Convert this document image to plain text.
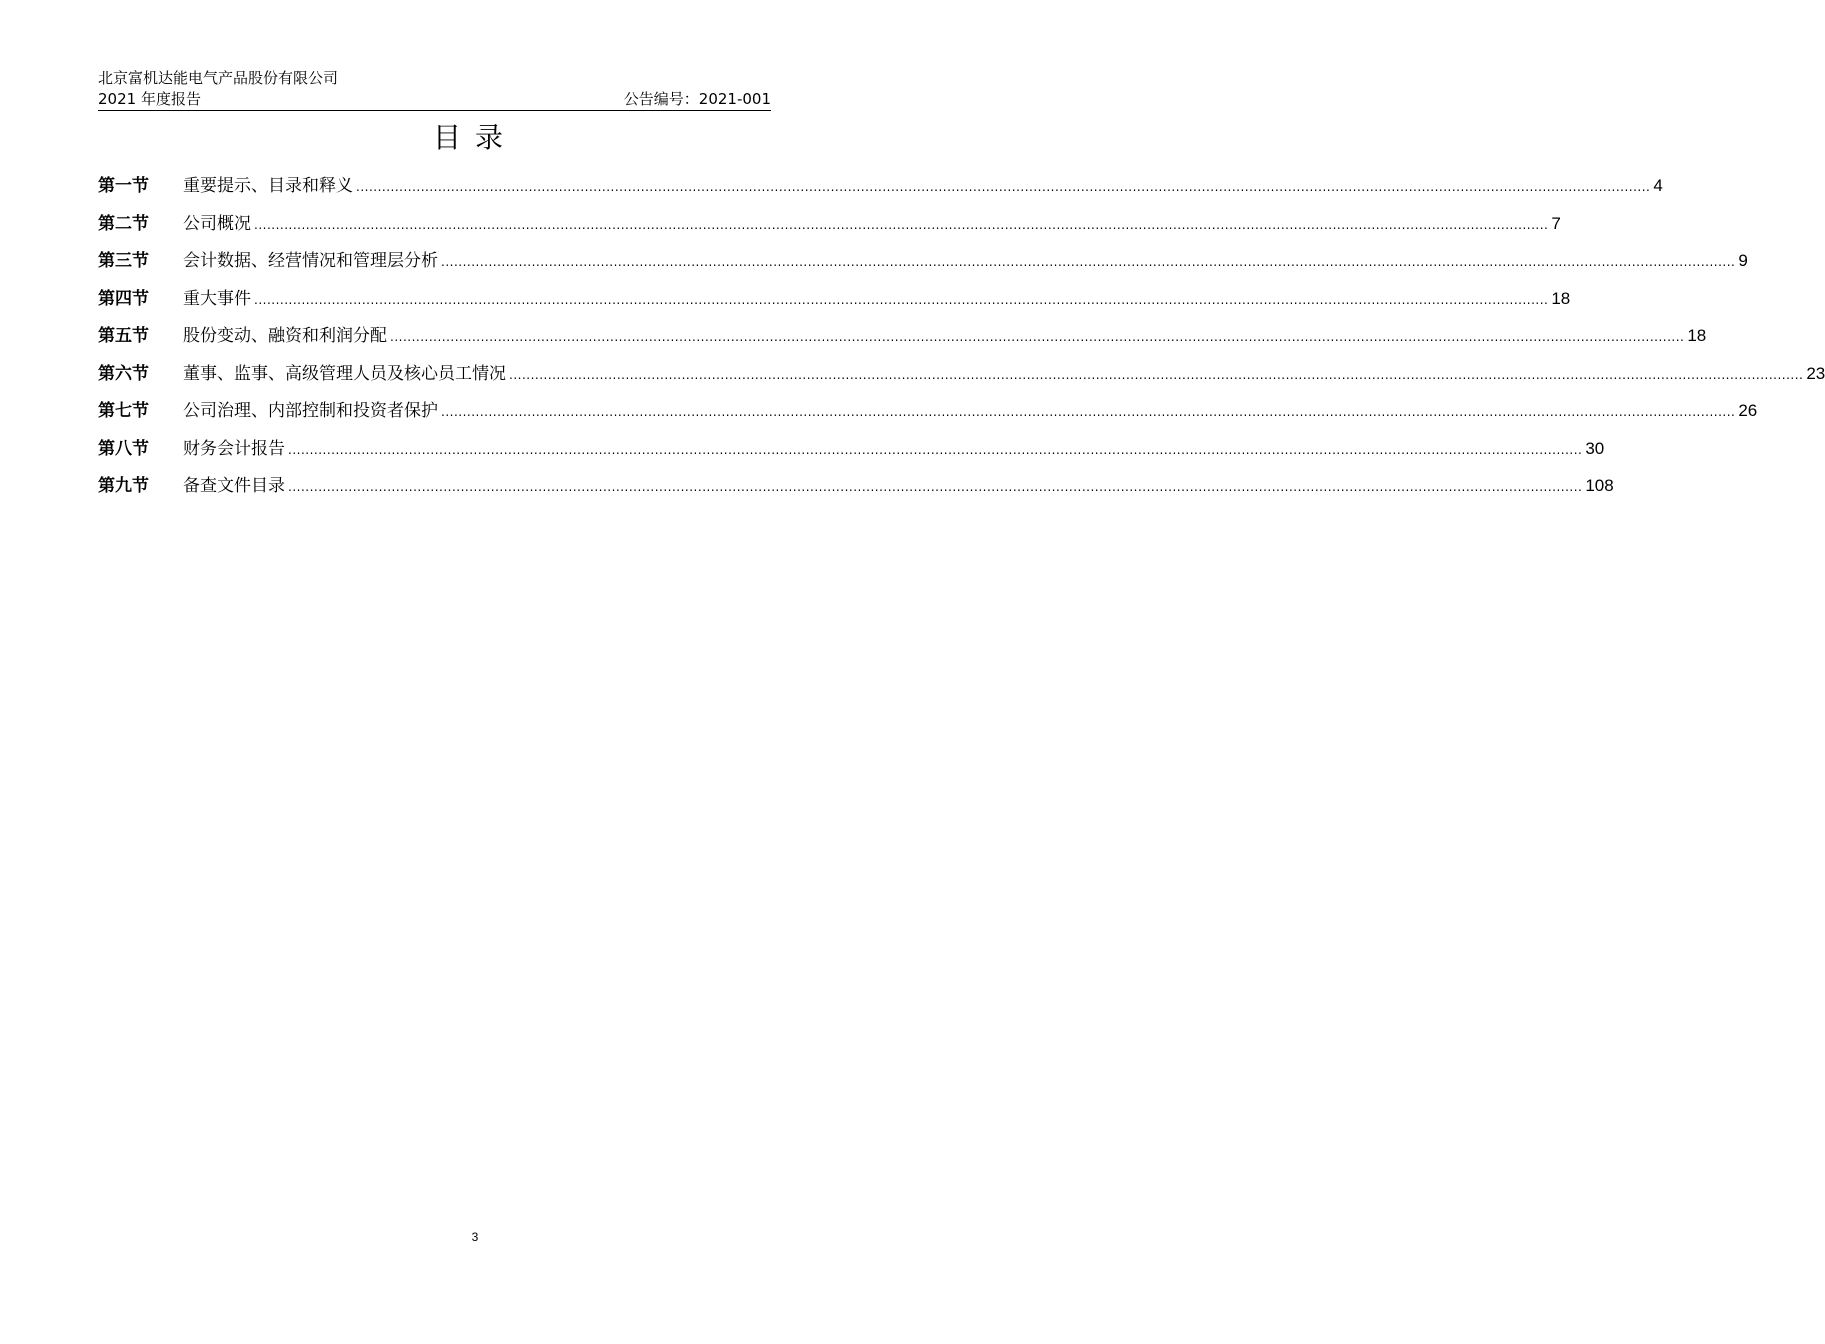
北京富机达能电气产品股份有限公司
2021 年度报告	公告编号：2021-001
目录
第一节	重要提示、目录和释义 ............................................................................................................................................................................................................................................................................................................ 4
第二节	公司概况 ............................................................................................................................................................................................................................................................................................................ 7
第三节	会计数据、经营情况和管理层分析 ............................................................................................................................................................................................................................................................................................................ 9
第四节	重大事件 ............................................................................................................................................................................................................................................................................................................ 18
第五节	股份变动、融资和利润分配 ............................................................................................................................................................................................................................................................................................................ 18
第六节	董事、监事、高级管理人员及核心员工情况 ............................................................................................................................................................................................................................................................................................................ 23
第七节	公司治理、内部控制和投资者保护 ............................................................................................................................................................................................................................................................................................................ 26
第八节	财务会计报告 ............................................................................................................................................................................................................................................................................................................ 30
第九节	备查文件目录 ............................................................................................................................................................................................................................................................................................................ 108
3
